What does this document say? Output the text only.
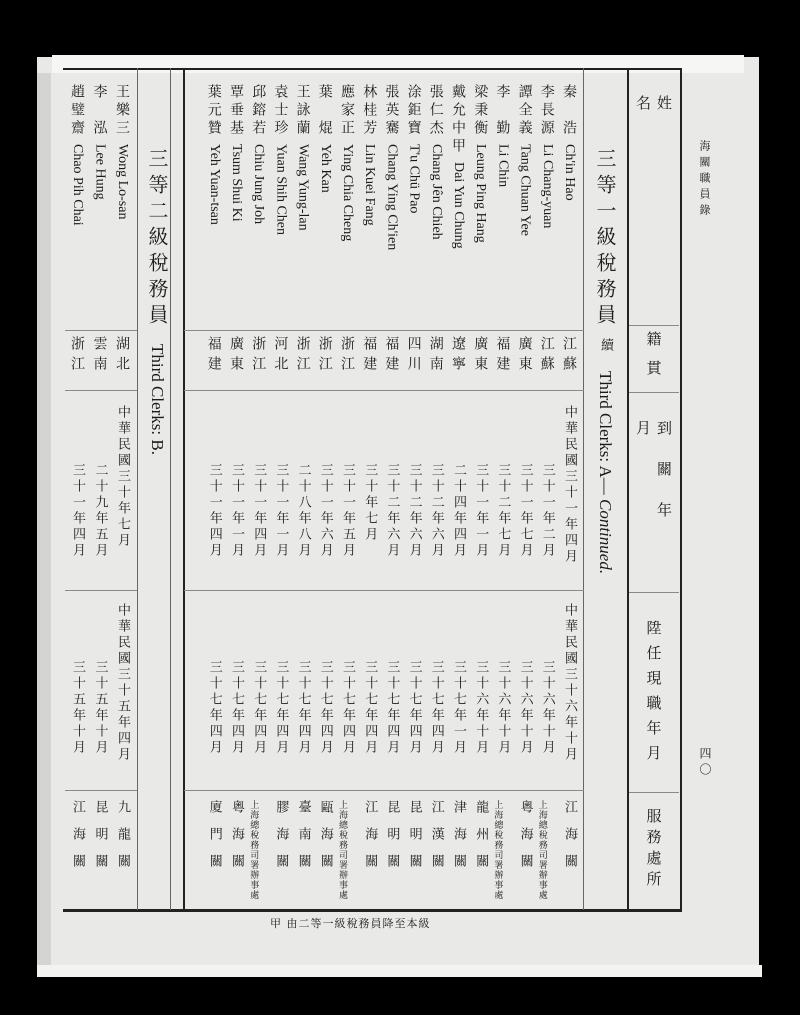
姓名
籍貫
到關年月
陞任現職年月
服務處所
海關職員錄
四〇
三等一級稅務員續Third Clerks: A—Continued.
三等二級稅務員Third Clerks: B.
秦　浩
Ch'in Hao
江蘇
中華民國三十一年四月
中華民國三十六年十月
江海關
李長源
Li Chang-yuan
江蘇
三十一年二月
三十六年十月
上海總稅務司署辦事處
譚全義
Tang Chuan Yee
廣東
三十一年七月
三十六年十月
粵海關
李　勤
Li Chin
福建
三十二年七月
三十六年十月
上海總稅務司署辦事處
梁秉衡
Leung Ping Hang
廣東
三十一年一月
三十六年十月
龍州關
戴允中甲
Dai Yun Chung
遼寧
二十四年四月
三十七年一月
津海關
張仁杰
Chang Jên Chieh
湖南
三十二年六月
三十七年四月
江漢關
涂鉅寶
T'u Chü Pao
四川
三十二年六月
三十七年四月
昆明關
張英騫
Chang Ying Ch'ien
福建
三十二年六月
三十七年四月
昆明關
林桂芳
Lin Kuei Fang
福建
三十年七月
三十七年四月
江海關
應家正
Ying Chia Cheng
浙江
三十一年五月
三十七年四月
上海總稅務司署辦事處
葉　焜
Yeh Kan
浙江
三十一年六月
三十七年四月
甌海關
王詠蘭
Wang Yung-lan
浙江
二十八年八月
三十七年四月
臺南關
袁士珍
Yuan Shih Chen
河北
三十一年一月
三十七年四月
膠海關
邱鎔若
Chiu Jung Joh
浙江
三十一年四月
三十七年四月
上海總稅務司署辦事處
覃垂基
Tsum Shui Ki
廣東
三十一年一月
三十七年四月
粵海關
葉元贊
Yeh Yuan-tsan
福建
三十一年四月
三十七年四月
廈門關
王樂三
Wong Lo-san
湖北
中華民國三十年七月
中華民國三十五年四月
九龍關
李　泓
Lee Hung
雲南
二十九年五月
三十五年十月
昆明關
趙璧齋
Chao Pih Chai
浙江
三十一年四月
三十五年十月
江海關
甲 由二等一級稅務員降至本級
